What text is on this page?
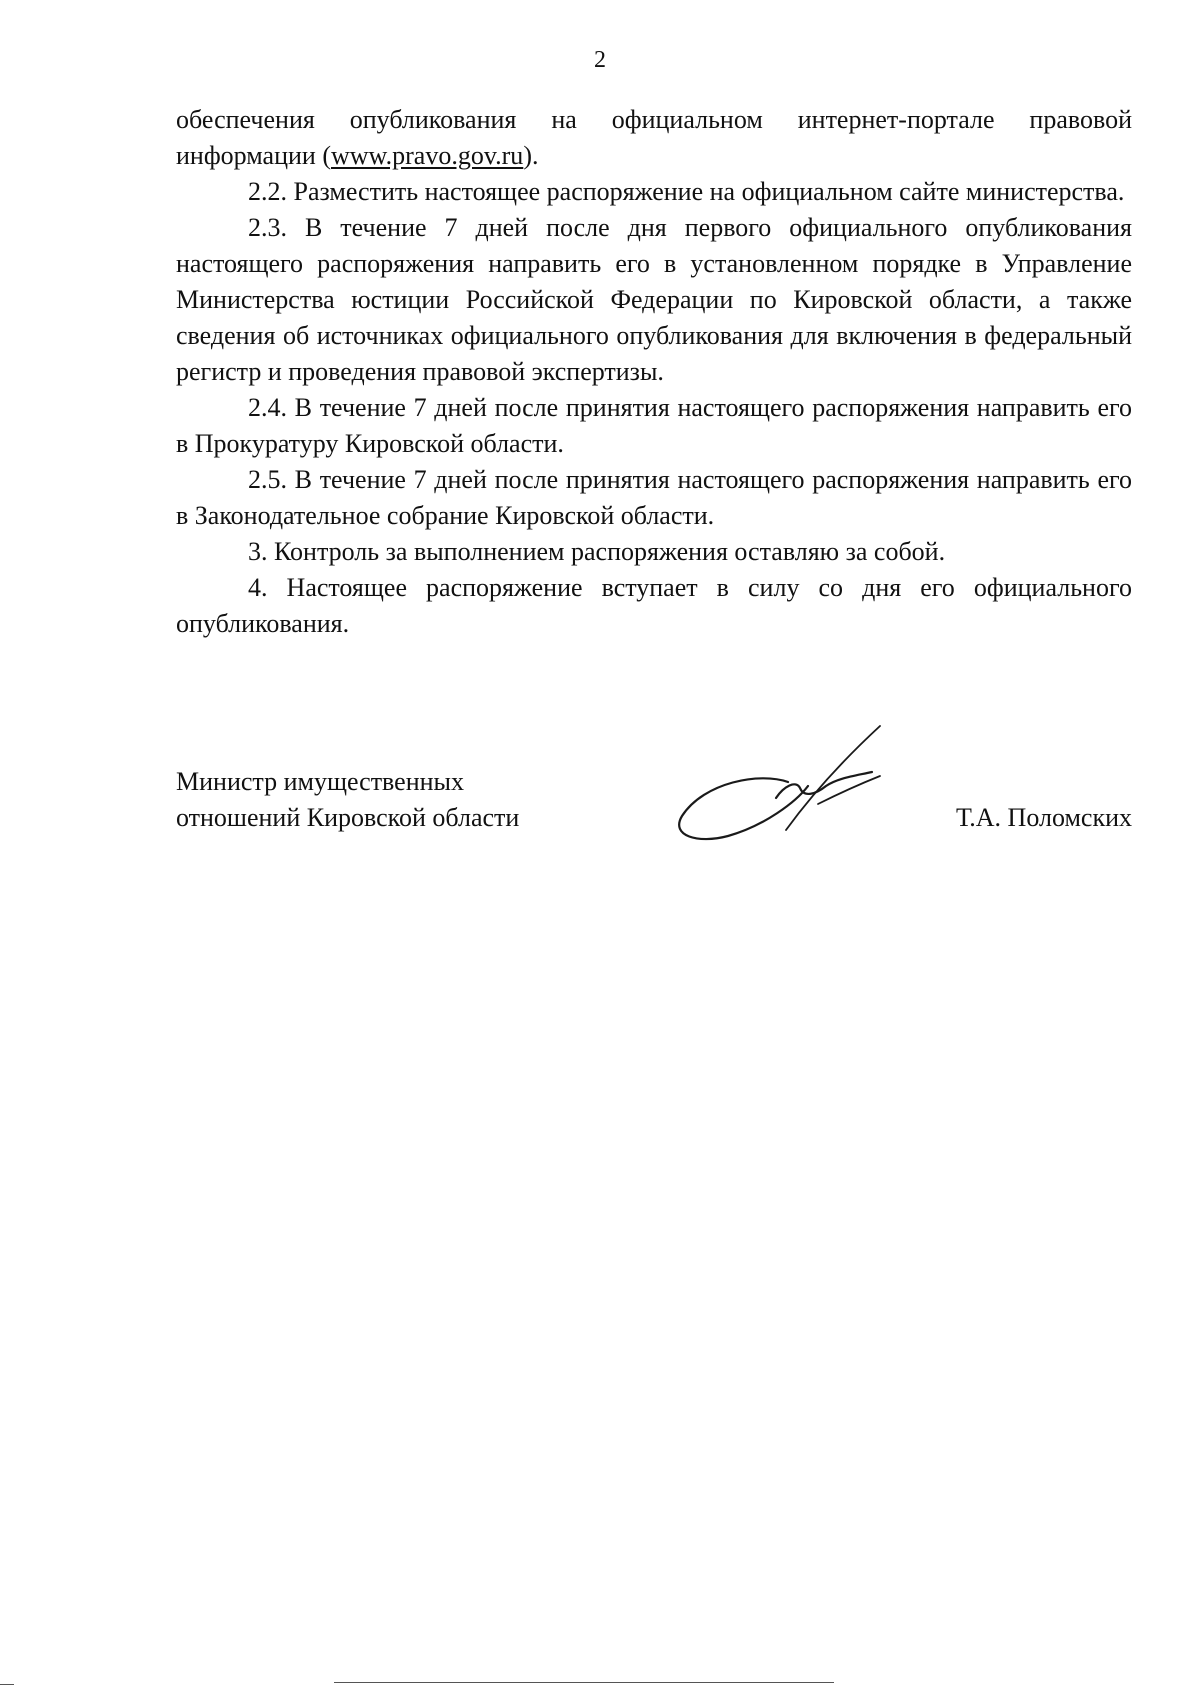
2

обеспечения опубликования на официальном интернет-портале правовой информации (www.pravo.gov.ru).

2.2. Разместить настоящее распоряжение на официальном сайте министерства.

2.3. В течение 7 дней после дня первого официального опубликования настоящего распоряжения направить его в установленном порядке в Управление Министерства юстиции Российской Федерации по Кировской области, а также сведения об источниках официального опубликования для включения в федеральный регистр и проведения правовой экспертизы.

2.4. В течение 7 дней после принятия настоящего распоряжения направить его в Прокуратуру Кировской области.

2.5. В течение 7 дней после принятия настоящего распоряжения направить его в Законодательное собрание Кировской области.

3. Контроль за выполнением распоряжения оставляю за собой.

4. Настоящее распоряжение вступает в силу со дня его официального опубликования.

Министр имущественных
отношений Кировской области	Т.А. Поломских
